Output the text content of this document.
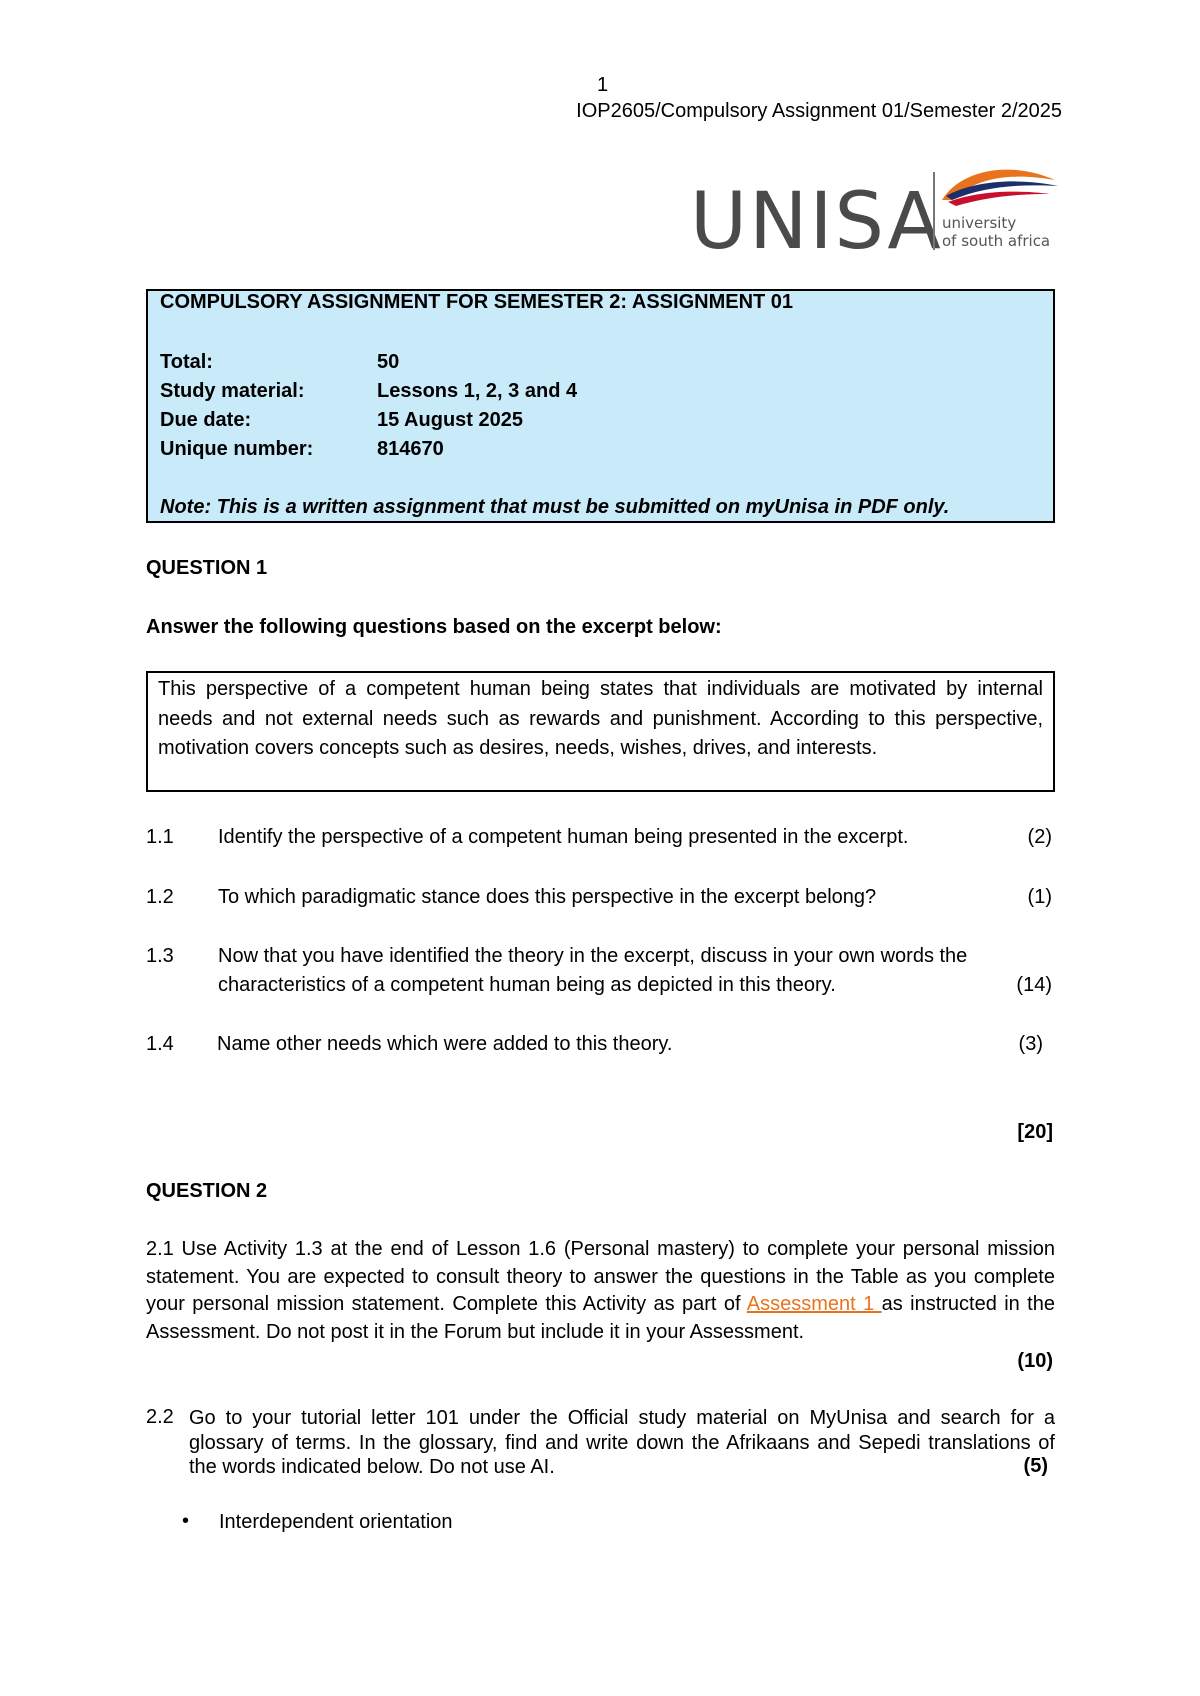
1
IOP2605/Compulsory Assignment 01/Semester 2/2025
UNISA university
of south africa
COMPULSORY ASSIGNMENT FOR SEMESTER 2: ASSIGNMENT 01
Total:	50
Study material:	Lessons 1, 2, 3 and 4
Due date:	15 August 2025
Unique number:	814670
Note: This is a written assignment that must be submitted on myUnisa in PDF only.
QUESTION 1
Answer the following questions based on the excerpt below:
This perspective of a competent human being states that individuals are motivated by internal needs and not external needs such as rewards and punishment. According to this perspective, motivation covers concepts such as desires, needs, wishes, drives, and interests.
1.1 Identify the perspective of a competent human being presented in the excerpt.	(2)
1.2 To which paradigmatic stance does this perspective in the excerpt belong?	(1)
1.3 Now that you have identified the theory in the excerpt, discuss in your own words the
characteristics of a competent human being as depicted in this theory.	(14)
1.4 Name other needs which were added to this theory.	(3)
[20]
QUESTION 2
2.1 Use Activity 1.3 at the end of Lesson 1.6 (Personal mastery) to complete your personal mission statement. You are expected to consult theory to answer the questions in the Table as you complete your personal mission statement. Complete this Activity as part of Assessment 1 as instructed in the Assessment. Do not post it in the Forum but include it in your Assessment.
(10)
2.2 Go to your tutorial letter 101 under the Official study material on MyUnisa and search for a glossary of terms. In the glossary, find and write down the Afrikaans and Sepedi translations of the words indicated below. Do not use AI.	(5)
• Interdependent orientation
